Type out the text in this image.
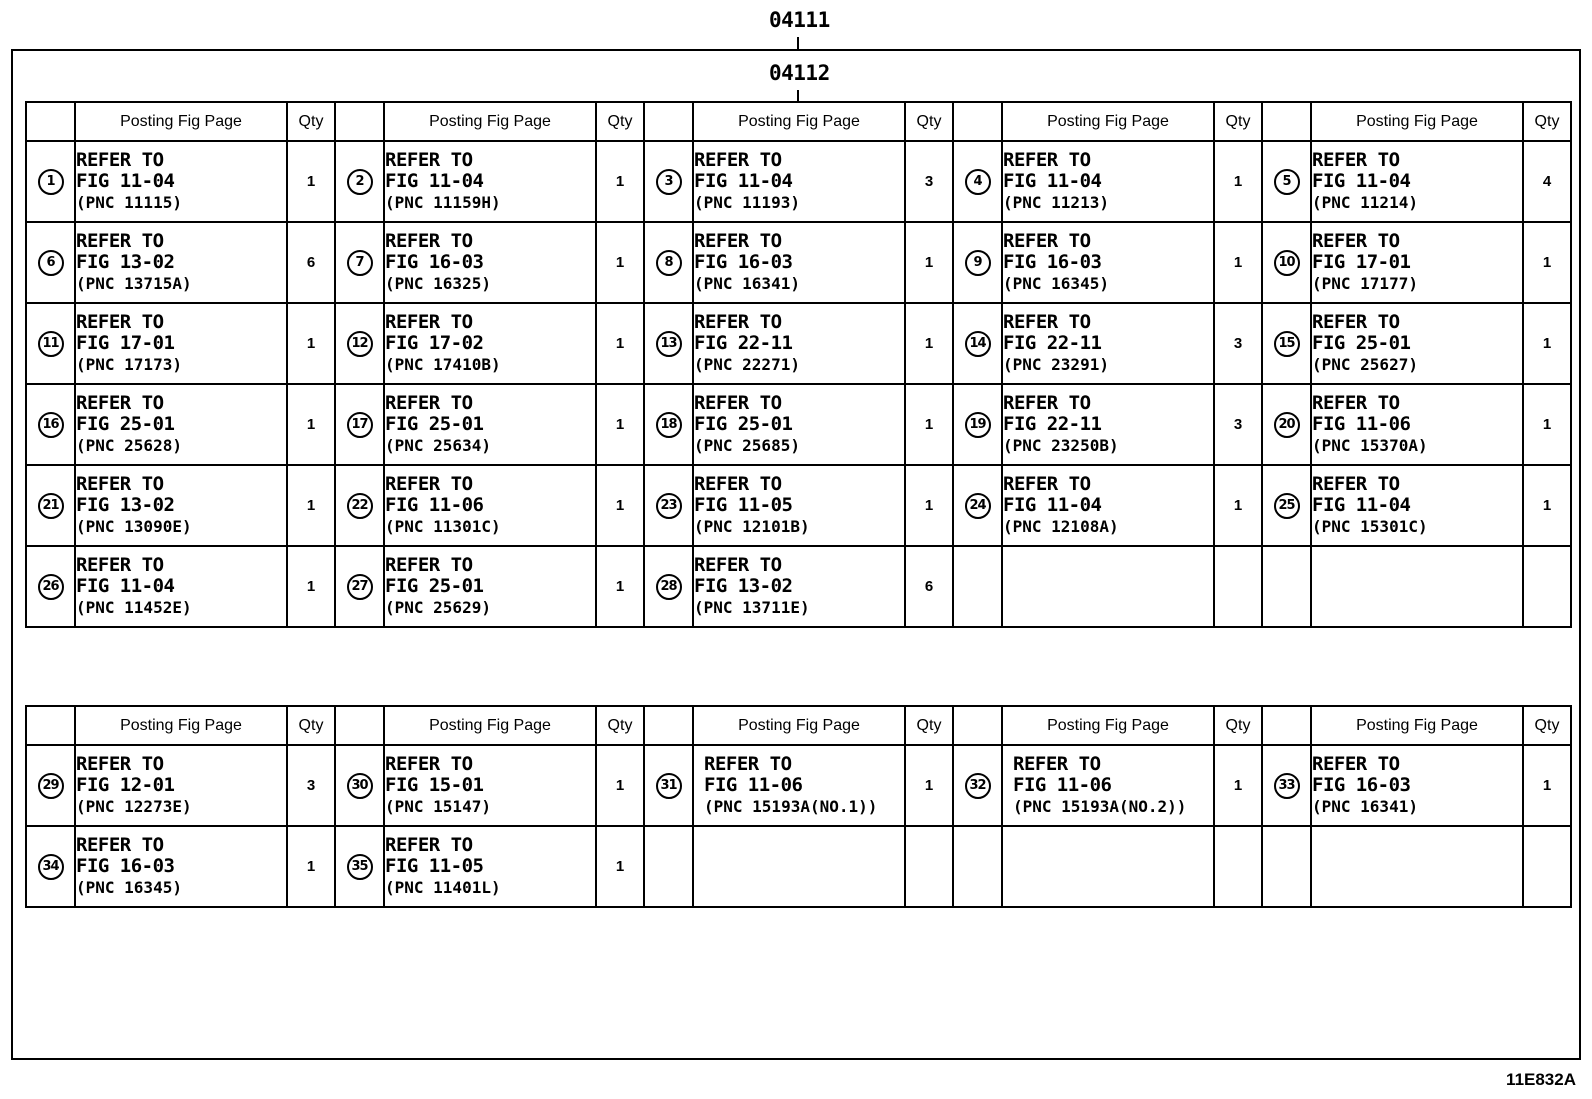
04111
04112
	Posting Fig Page	Qty		Posting Fig Page	Qty		Posting Fig Page	Qty		Posting Fig Page	Qty		Posting Fig Page	Qty
1	REFER TO
FIG 11-04
(PNC 11115)	1	2	REFER TO
FIG 11-04
(PNC 11159H)	1	3	REFER TO
FIG 11-04
(PNC 11193)	3	4	REFER TO
FIG 11-04
(PNC 11213)	1	5	REFER TO
FIG 11-04
(PNC 11214)	4
6	REFER TO
FIG 13-02
(PNC 13715A)	6	7	REFER TO
FIG 16-03
(PNC 16325)	1	8	REFER TO
FIG 16-03
(PNC 16341)	1	9	REFER TO
FIG 16-03
(PNC 16345)	1	10	REFER TO
FIG 17-01
(PNC 17177)	1
11	REFER TO
FIG 17-01
(PNC 17173)	1	12	REFER TO
FIG 17-02
(PNC 17410B)	1	13	REFER TO
FIG 22-11
(PNC 22271)	1	14	REFER TO
FIG 22-11
(PNC 23291)	3	15	REFER TO
FIG 25-01
(PNC 25627)	1
16	REFER TO
FIG 25-01
(PNC 25628)	1	17	REFER TO
FIG 25-01
(PNC 25634)	1	18	REFER TO
FIG 25-01
(PNC 25685)	1	19	REFER TO
FIG 22-11
(PNC 23250B)	3	20	REFER TO
FIG 11-06
(PNC 15370A)	1
21	REFER TO
FIG 13-02
(PNC 13090E)	1	22	REFER TO
FIG 11-06
(PNC 11301C)	1	23	REFER TO
FIG 11-05
(PNC 12101B)	1	24	REFER TO
FIG 11-04
(PNC 12108A)	1	25	REFER TO
FIG 11-04
(PNC 15301C)	1
26	REFER TO
FIG 11-04
(PNC 11452E)	1	27	REFER TO
FIG 25-01
(PNC 25629)	1	28	REFER TO
FIG 13-02
(PNC 13711E)	6						
	Posting Fig Page	Qty		Posting Fig Page	Qty		Posting Fig Page	Qty		Posting Fig Page	Qty		Posting Fig Page	Qty
29	REFER TO
FIG 12-01
(PNC 12273E)	3	30	REFER TO
FIG 15-01
(PNC 15147)	1	31	REFER TO
FIG 11-06
(PNC 15193A(NO.1))	1	32	REFER TO
FIG 11-06
(PNC 15193A(NO.2))	1	33	REFER TO
FIG 16-03
(PNC 16341)	1
34	REFER TO
FIG 16-03
(PNC 16345)	1	35	REFER TO
FIG 11-05
(PNC 11401L)	1									
11E832A
